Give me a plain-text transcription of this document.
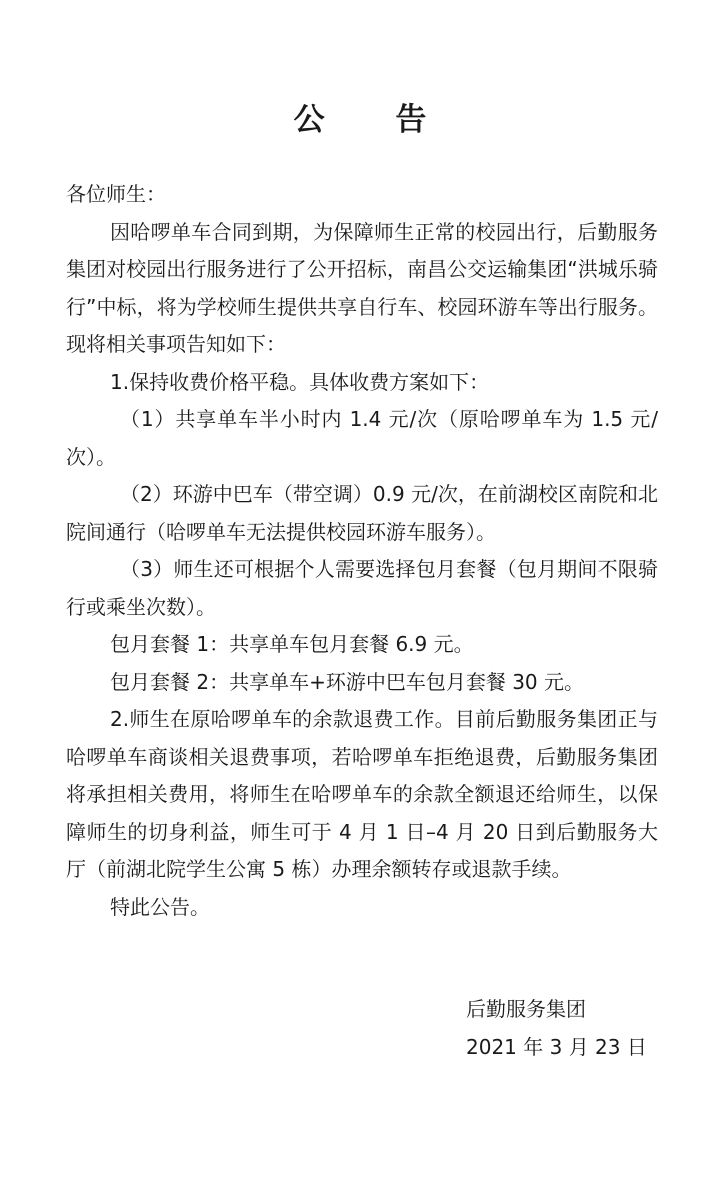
公 告

各位师生：

因哈啰单车合同到期，为保障师生正常的校园出行，后勤服务集团对校园出行服务进行了公开招标，南昌公交运输集团“洪城乐骑行”中标，将为学校师生提供共享自行车、校园环游车等出行服务。现将相关事项告知如下：

1.保持收费价格平稳。具体收费方案如下：

（1）共享单车半小时内 1.4 元/次（原哈啰单车为 1.5 元/次）。

（2）环游中巴车（带空调）0.9 元/次，在前湖校区南院和北院间通行（哈啰单车无法提供校园环游车服务）。

（3）师生还可根据个人需要选择包月套餐（包月期间不限骑行或乘坐次数）。

包月套餐 1：共享单车包月套餐 6.9 元。

包月套餐 2：共享单车+环游中巴车包月套餐 30 元。

2.师生在原哈啰单车的余款退费工作。目前后勤服务集团正与哈啰单车商谈相关退费事项，若哈啰单车拒绝退费，后勤服务集团将承担相关费用，将师生在哈啰单车的余款全额退还给师生，以保障师生的切身利益，师生可于 4 月 1 日–4 月 20 日到后勤服务大厅（前湖北院学生公寓 5 栋）办理余额转存或退款手续。

特此公告。

后勤服务集团
2021 年 3 月 23 日
